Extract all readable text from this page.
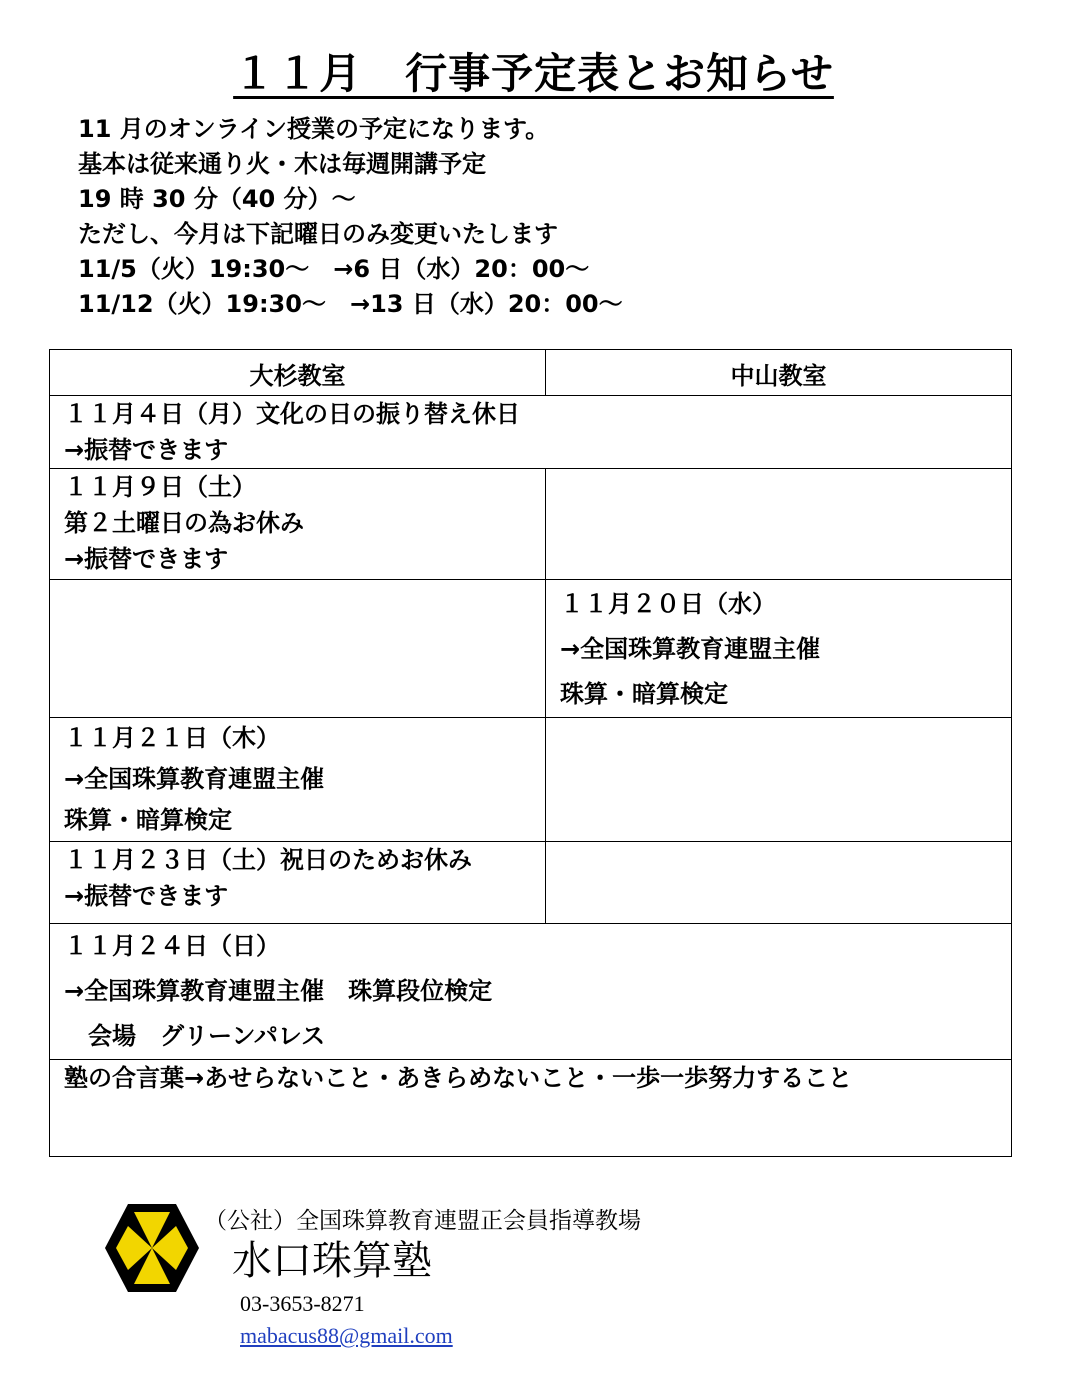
１１月　行事予定表とお知らせ
11 月のオンライン授業の予定になります。
基本は従来通り火・木は毎週開講予定
19 時 30 分（40 分）～
ただし、今月は下記曜日のみ変更いたします
11/5（火）19:30～　→6 日（水）20：00～
11/12（火）19:30～　→13 日（水）20：00～
大杉教室	中山教室

１１月４日（月）文化の日の振り替え休日
→振替できます	

１１月９日（土）
第２土曜日の為お休み
→振替できます	

	１１月２０日（水）
→全国珠算教育連盟主催
珠算・暗算検定

１１月２１日（木）
→全国珠算教育連盟主催
珠算・暗算検定	

１１月２３日（土）祝日のためお休み
→振替できます	

１１月２４日（日）
→全国珠算教育連盟主催　珠算段位検定
　会場　グリーンパレス	

塾の合言葉→あせらないこと・あきらめないこと・一歩一歩努力すること	
（公社）全国珠算教育連盟正会員指導教場
水口珠算塾
03-3653-8271
mabacus88@gmail.com
